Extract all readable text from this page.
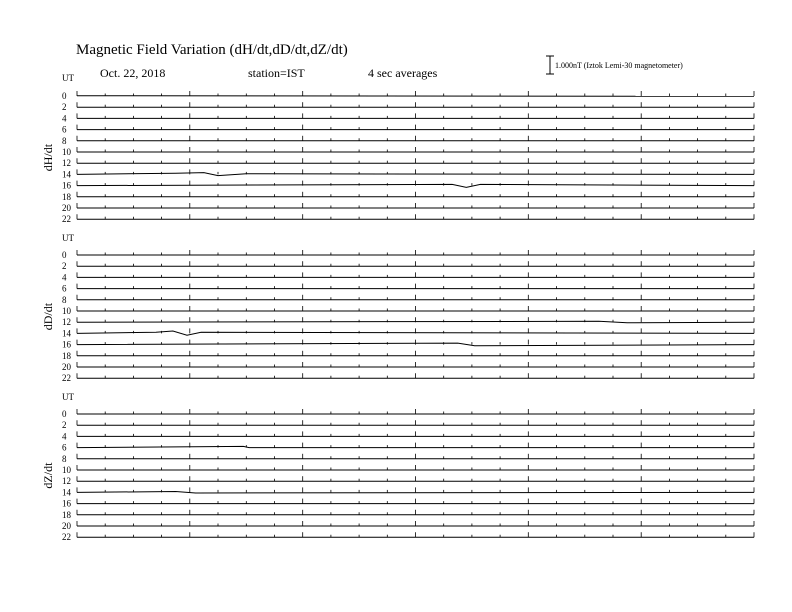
Magnetic Field Variation (dH/dt,dD/dt,dZ/dt)
Oct. 22, 2018	station=IST	4 sec averages
1.000nT (Iztok Lemi-30 magnetometer)
UT
dH/dt
0
2
4
6
8
10
12
14
16
18
20
22
UT
dD/dt
0
2
4
6
8
10
12
14
16
18
20
22
UT
dZ/dt
0
2
4
6
8
10
12
14
16
18
20
22
